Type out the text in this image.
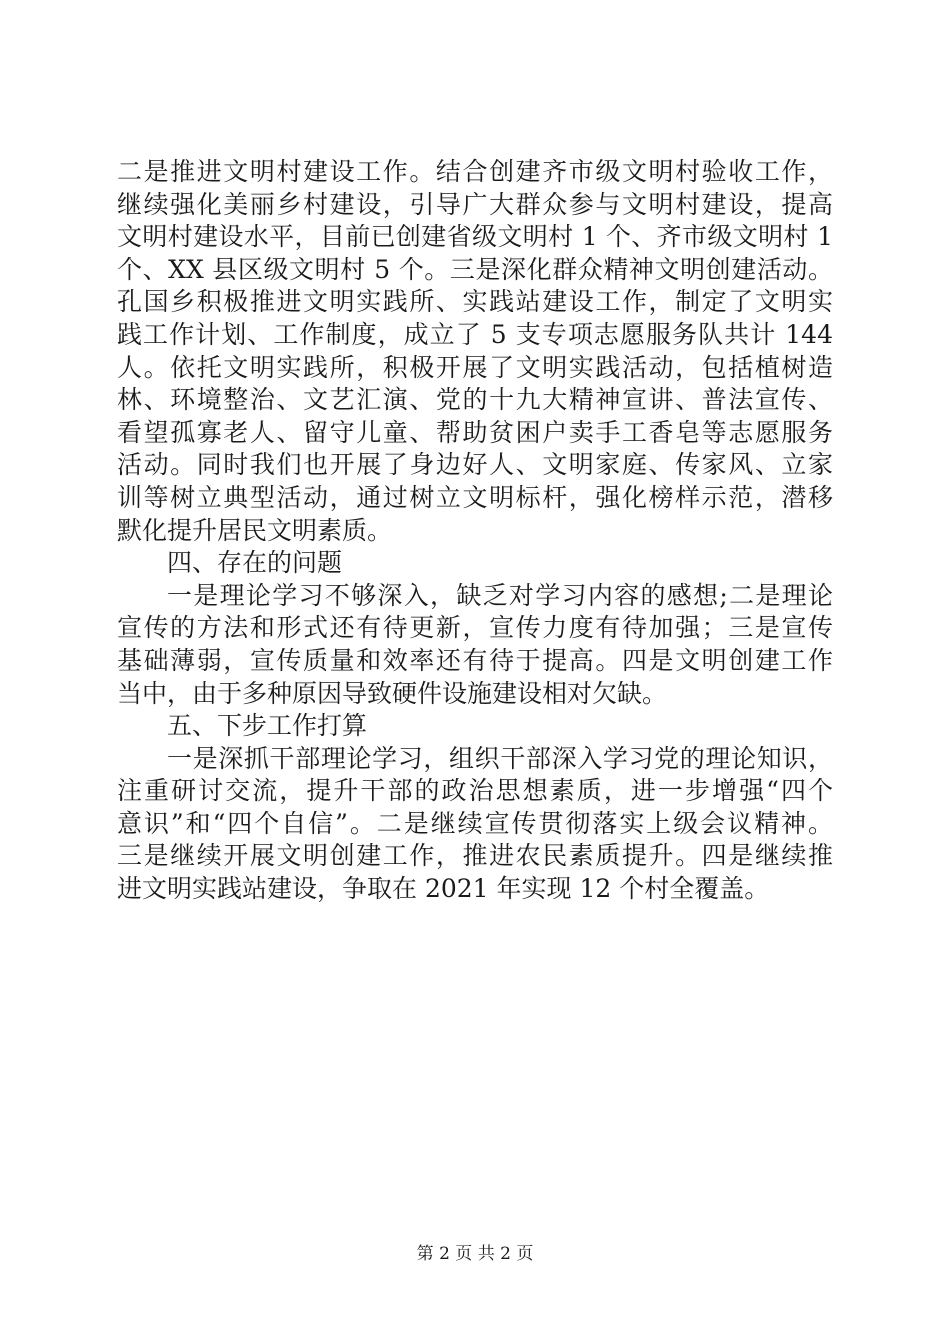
二是推进文明村建设工作。结合创建齐市级文明村验收工作，
继续强化美丽乡村建设，引导广大群众参与文明村建设，提高
文明村建设水平，目前已创建省级文明村 1 个、齐市级文明村 1
个、XX 县区级文明村 5 个。三是深化群众精神文明创建活动。
孔国乡积极推进文明实践所、实践站建设工作，制定了文明实
践工作计划、工作制度，成立了 5 支专项志愿服务队共计 144
人。依托文明实践所，积极开展了文明实践活动，包括植树造
林、环境整治、文艺汇演、党的十九大精神宣讲、普法宣传、
看望孤寡老人、留守儿童、帮助贫困户卖手工香皂等志愿服务
活动。同时我们也开展了身边好人、文明家庭、传家风、立家
训等树立典型活动，通过树立文明标杆，强化榜样示范，潜移
默化提升居民文明素质。
四、存在的问题
一是理论学习不够深入，缺乏对学习内容的感想;二是理论
宣传的方法和形式还有待更新，宣传力度有待加强；三是宣传
基础薄弱，宣传质量和效率还有待于提高。四是文明创建工作
当中，由于多种原因导致硬件设施建设相对欠缺。
五、下步工作打算
一是深抓干部理论学习，组织干部深入学习党的理论知识，
注重研讨交流，提升干部的政治思想素质，进一步增强“四个
意识”和“四个自信”。二是继续宣传贯彻落实上级会议精神。
三是继续开展文明创建工作，推进农民素质提升。四是继续推
进文明实践站建设，争取在 2021 年实现 12 个村全覆盖。
第 2 页 共 2 页
